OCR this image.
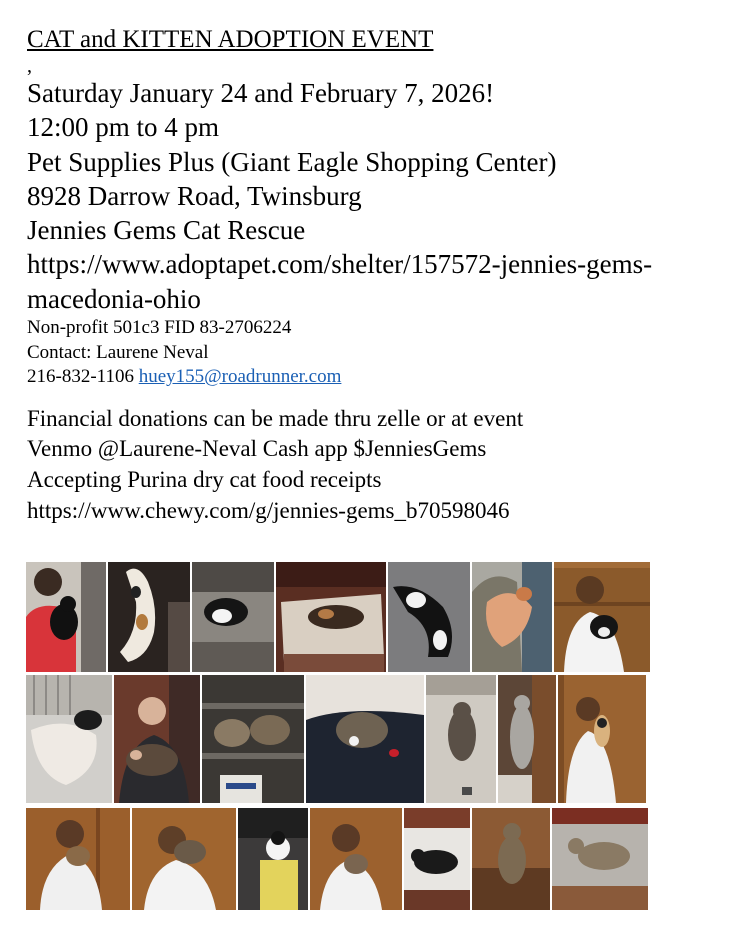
CAT and KITTEN ADOPTION EVENT
,

Saturday January 24 and February 7, 2026!

12:00 pm to 4 pm

Pet Supplies Plus (Giant Eagle Shopping Center)

8928 Darrow Road, Twinsburg

Jennies Gems Cat Rescue

https://www.adoptapet.com/shelter/157572-jennies-gems-

macedonia-ohio

Non-profit 501c3 FID 83-2706224

Contact: Laurene Neval

216-832-1106 huey155@roadrunner.com

Financial donations can be made thru zelle or at event

Venmo @Laurene-Neval Cash app $JenniesGems

Accepting Purina dry cat food receipts

https://www.chewy.com/g/jennies-gems_b70598046
